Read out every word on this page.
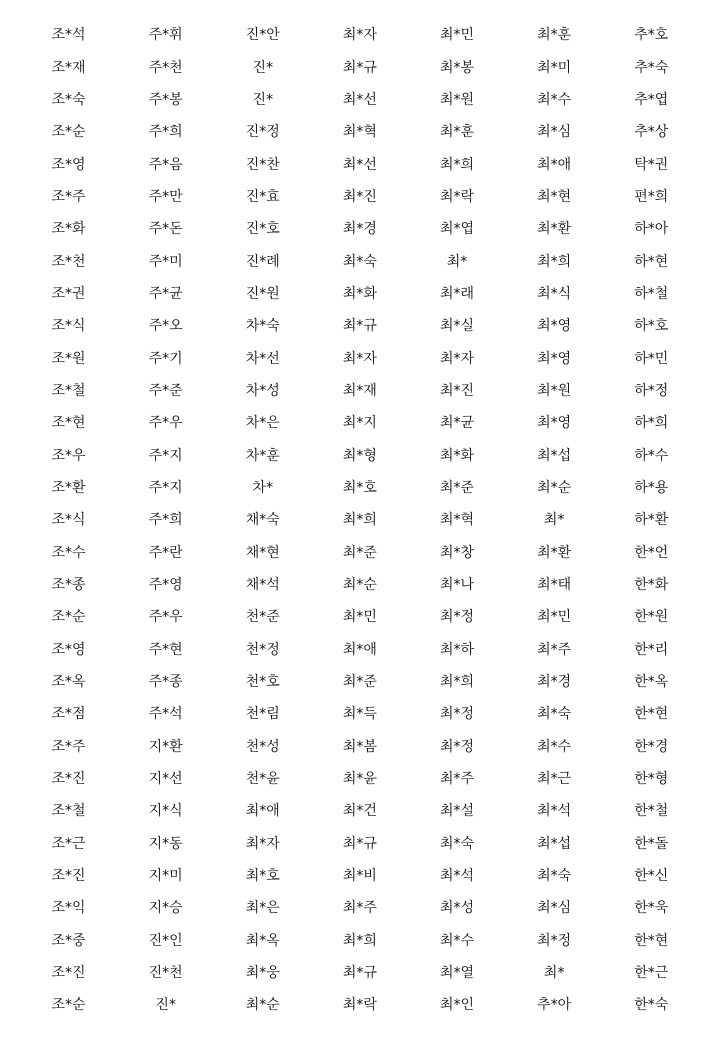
조*석	주*휘	진*안	최*자	최*민	최*훈	추*호
조*재	주*천	진*	최*규	최*봉	최*미	추*숙
조*숙	주*봉	진*	최*선	최*원	최*수	추*엽
조*순	주*희	진*정	최*혁	최*훈	최*심	추*상
조*영	주*음	진*찬	최*선	최*희	최*애	탁*권
조*주	주*만	진*효	최*진	최*락	최*현	편*희
조*화	주*돈	진*호	최*경	최*엽	최*환	하*아
조*천	주*미	진*례	최*숙	최*	최*희	하*현
조*권	주*균	진*원	최*화	최*래	최*식	하*철
조*식	주*오	차*숙	최*규	최*실	최*영	하*호
조*원	주*기	차*선	최*자	최*자	최*영	하*민
조*철	주*준	차*성	최*재	최*진	최*원	하*정
조*현	주*우	차*은	최*지	최*균	최*영	하*희
조*우	주*지	차*훈	최*형	최*화	최*섭	하*수
조*환	주*지	차*	최*호	최*준	최*순	하*용
조*식	주*희	채*숙	최*희	최*혁	최*	하*환
조*수	주*란	채*현	최*준	최*창	최*환	한*언
조*종	주*영	채*석	최*순	최*나	최*태	한*화
조*순	주*우	천*준	최*민	최*정	최*민	한*원
조*영	주*현	천*정	최*애	최*하	최*주	한*리
조*옥	주*종	천*호	최*준	최*희	최*경	한*옥
조*점	주*석	천*림	최*득	최*정	최*숙	한*현
조*주	지*환	천*성	최*봄	최*정	최*수	한*경
조*진	지*선	천*윤	최*윤	최*주	최*근	한*형
조*철	지*식	최*애	최*건	최*설	최*석	한*철
조*근	지*동	최*자	최*규	최*숙	최*섭	한*돌
조*진	지*미	최*호	최*비	최*석	최*숙	한*신
조*익	지*승	최*은	최*주	최*성	최*심	한*욱
조*중	진*인	최*옥	최*희	최*수	최*정	한*현
조*진	진*천	최*웅	최*규	최*열	최*	한*근
조*순	진*	최*순	최*락	최*인	추*아	한*숙
